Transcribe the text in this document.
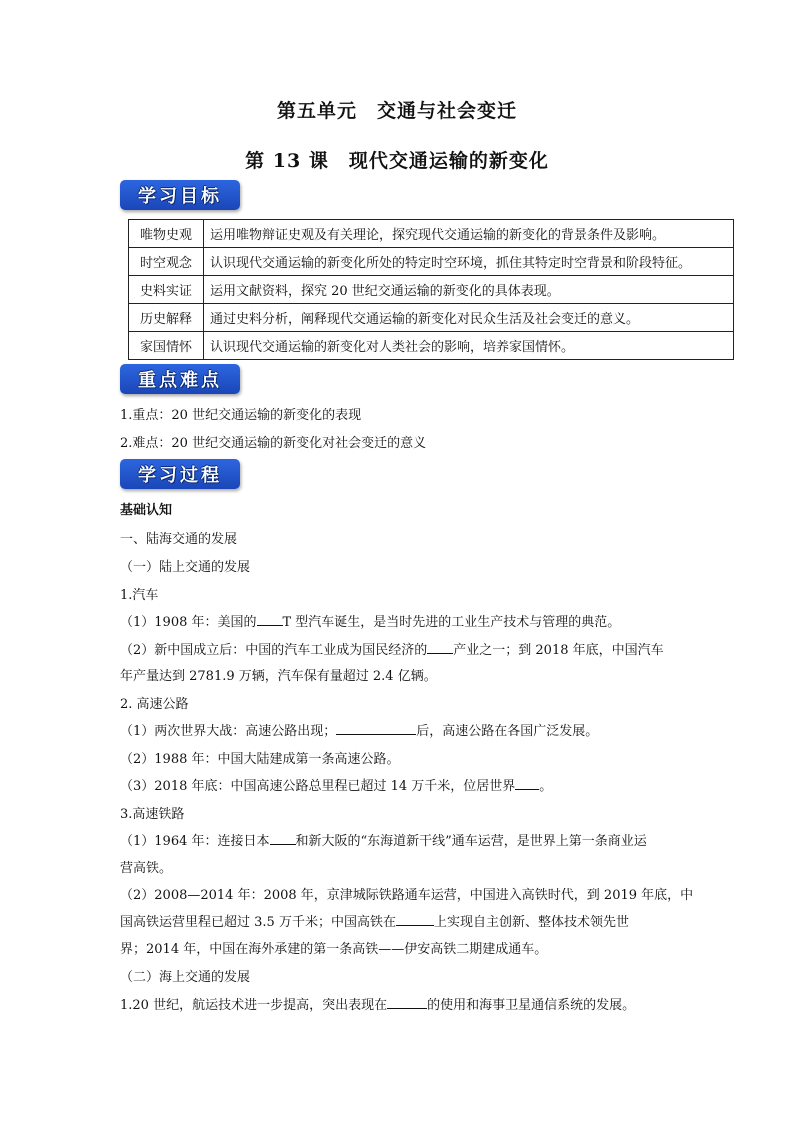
第五单元　交通与社会变迁
第 13 课　现代交通运输的新变化
学习目标
唯物史观	运用唯物辩证史观及有关理论，探究现代交通运输的新变化的背景条件及影响。
时空观念	认识现代交通运输的新变化所处的特定时空环境，抓住其特定时空背景和阶段特征。
史料实证	运用文献资料，探究 20 世纪交通运输的新变化的具体表现。
历史解释	通过史料分析，阐释现代交通运输的新变化对民众生活及社会变迁的意义。
家国情怀	认识现代交通运输的新变化对人类社会的影响，培养家国情怀。
重点难点
1.重点：20 世纪交通运输的新变化的表现
2.难点：20 世纪交通运输的新变化对社会变迁的意义
学习过程
基础认知
一、陆海交通的发展
（一）陆上交通的发展
1.汽车
（1）1908 年：美国的 T 型汽车诞生，是当时先进的工业生产技术与管理的典范。
（2）新中国成立后：中国的汽车工业成为国民经济的 产业之一；到 2018 年底，中国汽车
年产量达到 2781.9 万辆，汽车保有量超过 2.4 亿辆。
2. 高速公路
（1）两次世界大战：高速公路出现；	后，高速公路在各国广泛发展。
（2）1988 年：中国大陆建成第一条高速公路。
（3）2018 年底：中国高速公路总里程已超过 14 万千米，位居世界 。
3.高速铁路
（1）1964 年：连接日本 和新大阪的“东海道新干线”通车运营，是世界上第一条商业运
营高铁。
（2）2008—2014 年：2008 年，京津城际铁路通车运营，中国进入高铁时代，到 2019 年底，中
国高铁运营里程已超过 3.5 万千米；中国高铁在	上实现自主创新、整体技术领先世
界；2014 年，中国在海外承建的第一条高铁——伊安高铁二期建成通车。
（二）海上交通的发展
1.20 世纪，航运技术进一步提高，突出表现在	的使用和海事卫星通信系统的发展。
